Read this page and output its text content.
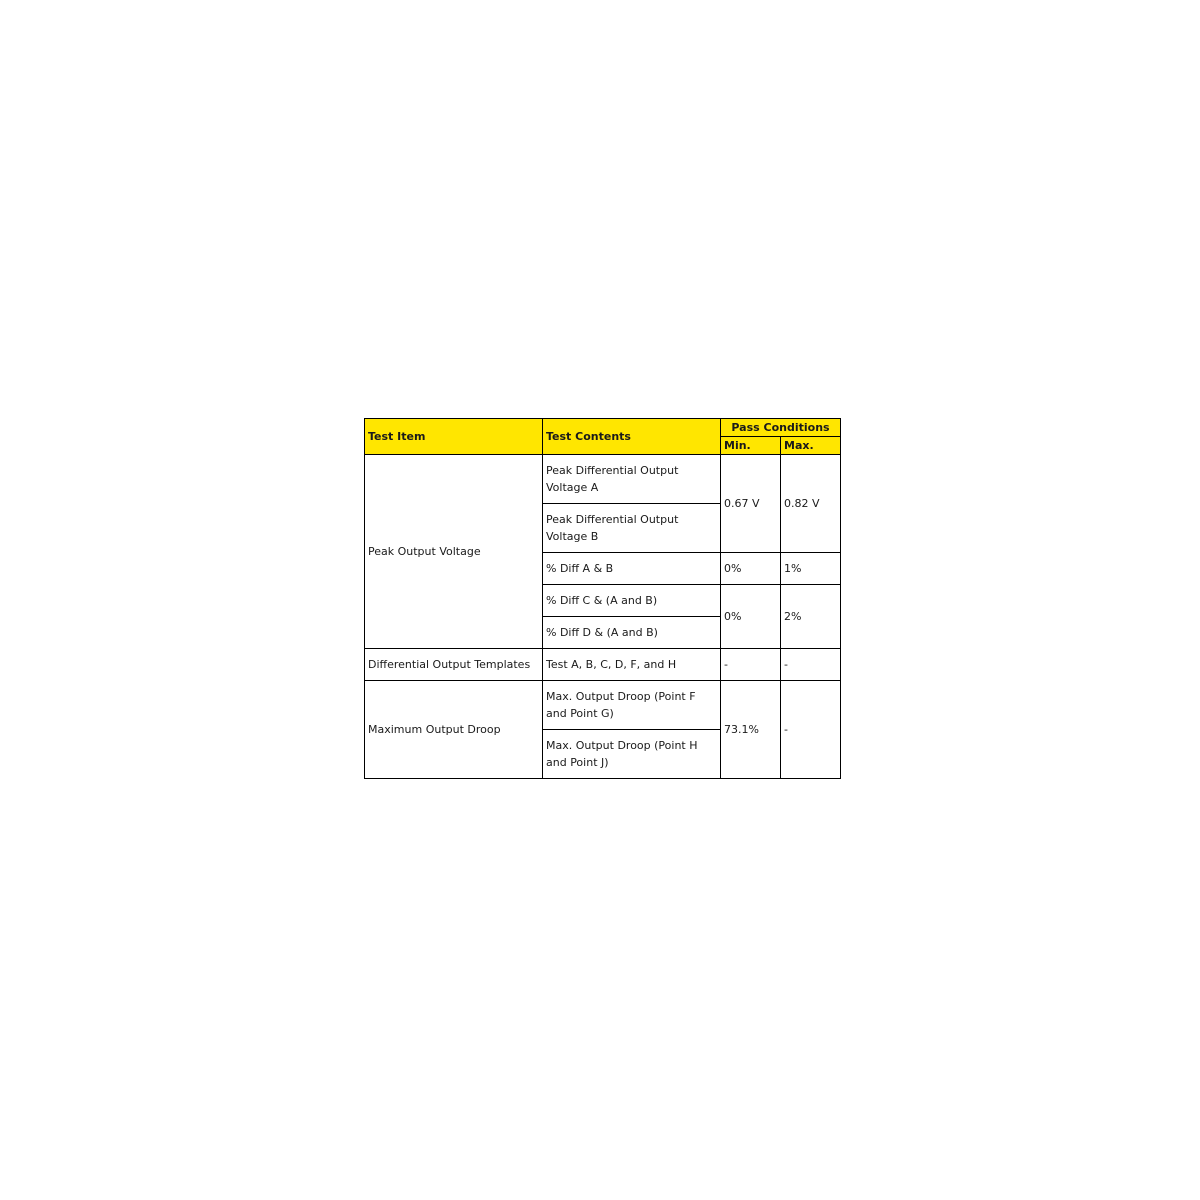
Test Item	Test Contents	Pass Conditions	
		Min.	Max.
Peak Output Voltage	Peak Differential Output Voltage A	0.67 V	0.82 V
	Peak Differential Output Voltage B		
	% Diff A & B	0%	1%
	% Diff C & (A and B)	0%	2%
	% Diff D & (A and B)		
Differential Output Templates	Test A, B, C, D, F, and H	-	-
Maximum Output Droop	Max. Output Droop (Point F and Point G)	73.1%	-
	Max. Output Droop (Point H and Point J)		
